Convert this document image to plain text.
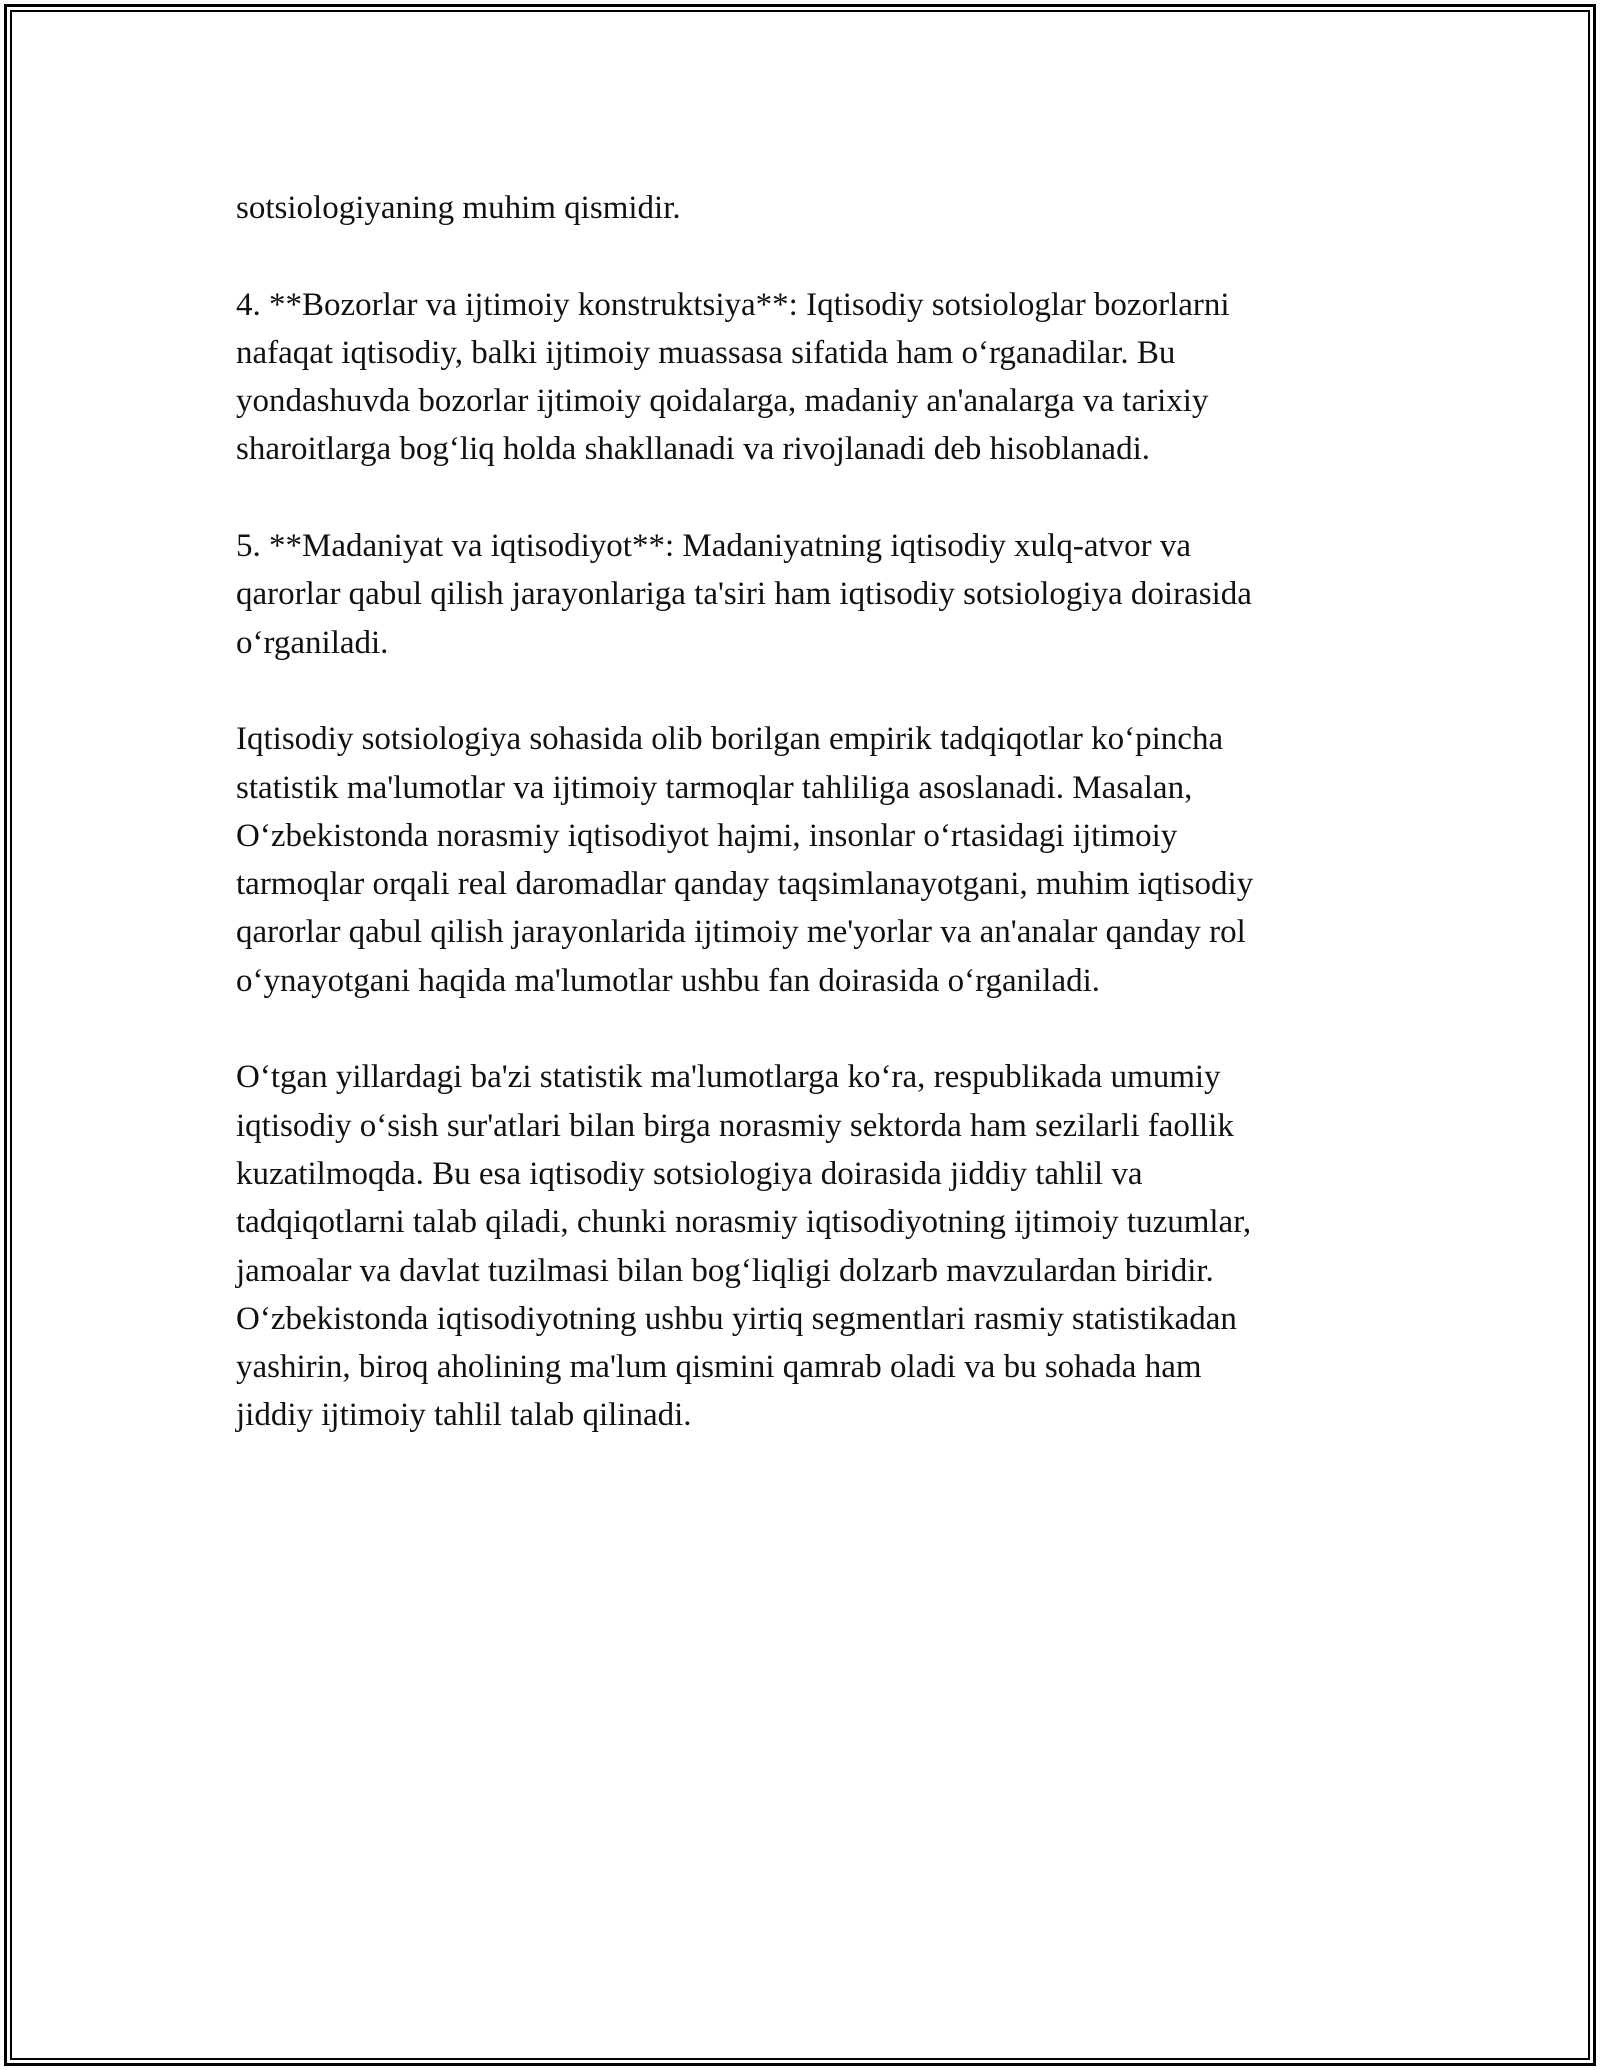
sotsiologiyaning muhim qismidir.

4. **Bozorlar va ijtimoiy konstruktsiya**: Iqtisodiy sotsiologlar bozorlarni
nafaqat iqtisodiy, balki ijtimoiy muassasa sifatida ham o‘rganadilar. Bu
yondashuvda bozorlar ijtimoiy qoidalarga, madaniy an'analarga va tarixiy
sharoitlarga bog‘liq holda shakllanadi va rivojlanadi deb hisoblanadi.

5. **Madaniyat va iqtisodiyot**: Madaniyatning iqtisodiy xulq-atvor va
qarorlar qabul qilish jarayonlariga ta'siri ham iqtisodiy sotsiologiya doirasida
o‘rganiladi.

Iqtisodiy sotsiologiya sohasida olib borilgan empirik tadqiqotlar ko‘pincha
statistik ma'lumotlar va ijtimoiy tarmoqlar tahliliga asoslanadi. Masalan,
O‘zbekistonda norasmiy iqtisodiyot hajmi, insonlar o‘rtasidagi ijtimoiy
tarmoqlar orqali real daromadlar qanday taqsimlanayotgani, muhim iqtisodiy
qarorlar qabul qilish jarayonlarida ijtimoiy me'yorlar va an'analar qanday rol
o‘ynayotgani haqida ma'lumotlar ushbu fan doirasida o‘rganiladi.

O‘tgan yillardagi ba'zi statistik ma'lumotlarga ko‘ra, respublikada umumiy
iqtisodiy o‘sish sur'atlari bilan birga norasmiy sektorda ham sezilarli faollik
kuzatilmoqda. Bu esa iqtisodiy sotsiologiya doirasida jiddiy tahlil va
tadqiqotlarni talab qiladi, chunki norasmiy iqtisodiyotning ijtimoiy tuzumlar,
jamoalar va davlat tuzilmasi bilan bog‘liqligi dolzarb mavzulardan biridir.
O‘zbekistonda iqtisodiyotning ushbu yirtiq segmentlari rasmiy statistikadan
yashirin, biroq aholining ma'lum qismini qamrab oladi va bu sohada ham
jiddiy ijtimoiy tahlil talab qilinadi.
